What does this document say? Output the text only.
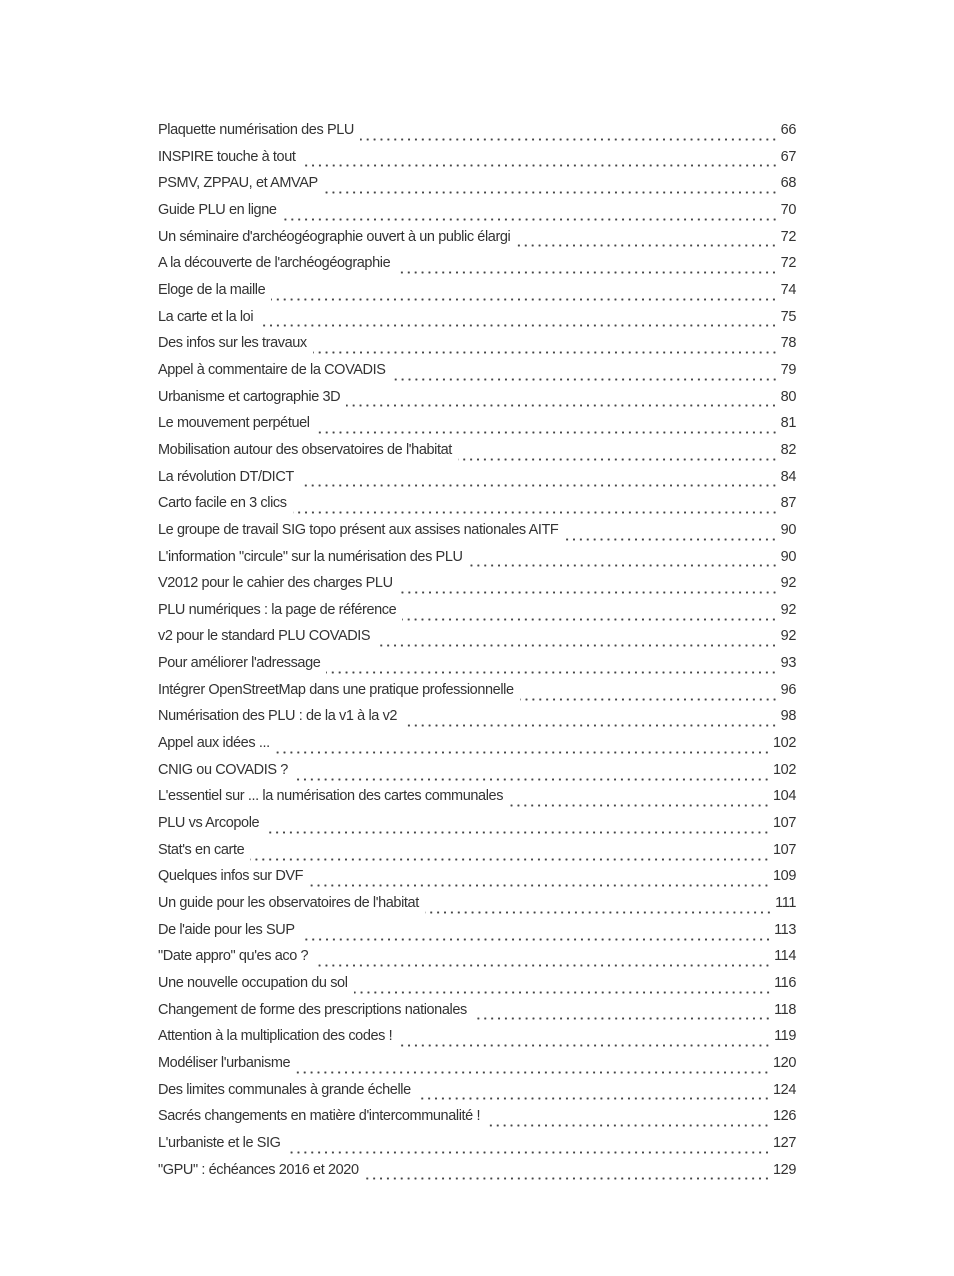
Plaquette numérisation des PLU	66
INSPIRE touche à tout	67
PSMV, ZPPAU, et AMVAP	68
Guide PLU en ligne	70
Un séminaire d'archéogéographie ouvert à un public élargi	72
A la découverte de l'archéogéographie	72
Eloge de la maille	74
La carte et la loi	75
Des infos sur les travaux	78
Appel à commentaire de la COVADIS	79
Urbanisme et cartographie 3D	80
Le mouvement perpétuel	81
Mobilisation autour des observatoires de l'habitat	82
La révolution DT/DICT	84
Carto facile en 3 clics	87
Le groupe de travail SIG topo présent aux assises nationales AITF	90
L'information "circule" sur la numérisation des PLU	90
V2012 pour le cahier des charges PLU	92
PLU numériques : la page de référence	92
v2 pour le standard PLU COVADIS	92
Pour améliorer l'adressage	93
Intégrer OpenStreetMap dans une pratique professionnelle	96
Numérisation des PLU : de la v1 à la v2	98
Appel aux idées ...	102
CNIG ou COVADIS ?	102
L'essentiel sur ... la numérisation des cartes communales	104
PLU vs Arcopole	107
Stat's en carte	107
Quelques infos sur DVF	109
Un guide pour les observatoires de l'habitat	111
De l'aide pour les SUP	113
"Date appro" qu'es aco ?	114
Une nouvelle occupation du sol	116
Changement de forme des prescriptions nationales	118
Attention à la multiplication des codes !	119
Modéliser l'urbanisme	120
Des limites communales à grande échelle	124
Sacrés changements en matière d'intercommunalité !	126
L'urbaniste et le SIG	127
"GPU" : échéances 2016 et 2020	129
